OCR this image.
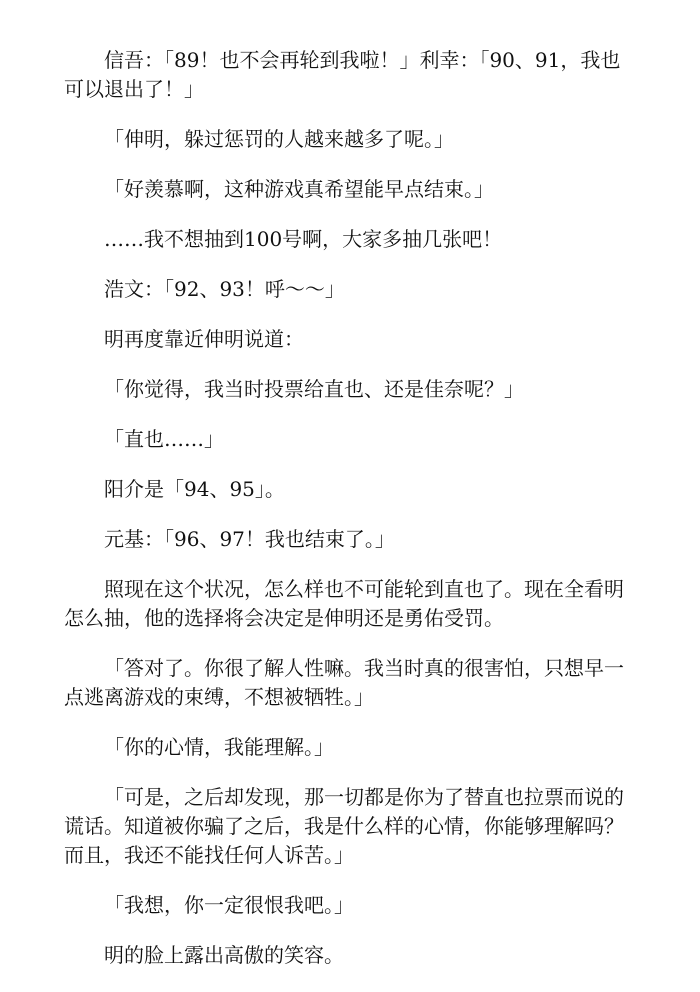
信吾：「89！也不会再轮到我啦！」利幸：「90、91，我也可以退出了！」

「伸明，躲过惩罚的人越来越多了呢。」

「好羡慕啊，这种游戏真希望能早点结束。」

……我不想抽到100号啊，大家多抽几张吧！

浩文：「92、93！呼～～」

明再度靠近伸明说道：

「你觉得，我当时投票给直也、还是佳奈呢？」

「直也……」

阳介是「94、95」。

元基：「96、97！我也结束了。」

照现在这个状况，怎么样也不可能轮到直也了。现在全看明怎么抽，他的选择将会决定是伸明还是勇佑受罚。

「答对了。你很了解人性嘛。我当时真的很害怕，只想早一点逃离游戏的束缚，不想被牺牲。」

「你的心情，我能理解。」

「可是，之后却发现，那一切都是你为了替直也拉票而说的谎话。知道被你骗了之后，我是什么样的心情，你能够理解吗？而且，我还不能找任何人诉苦。」

「我想，你一定很恨我吧。」

明的脸上露出高傲的笑容。
